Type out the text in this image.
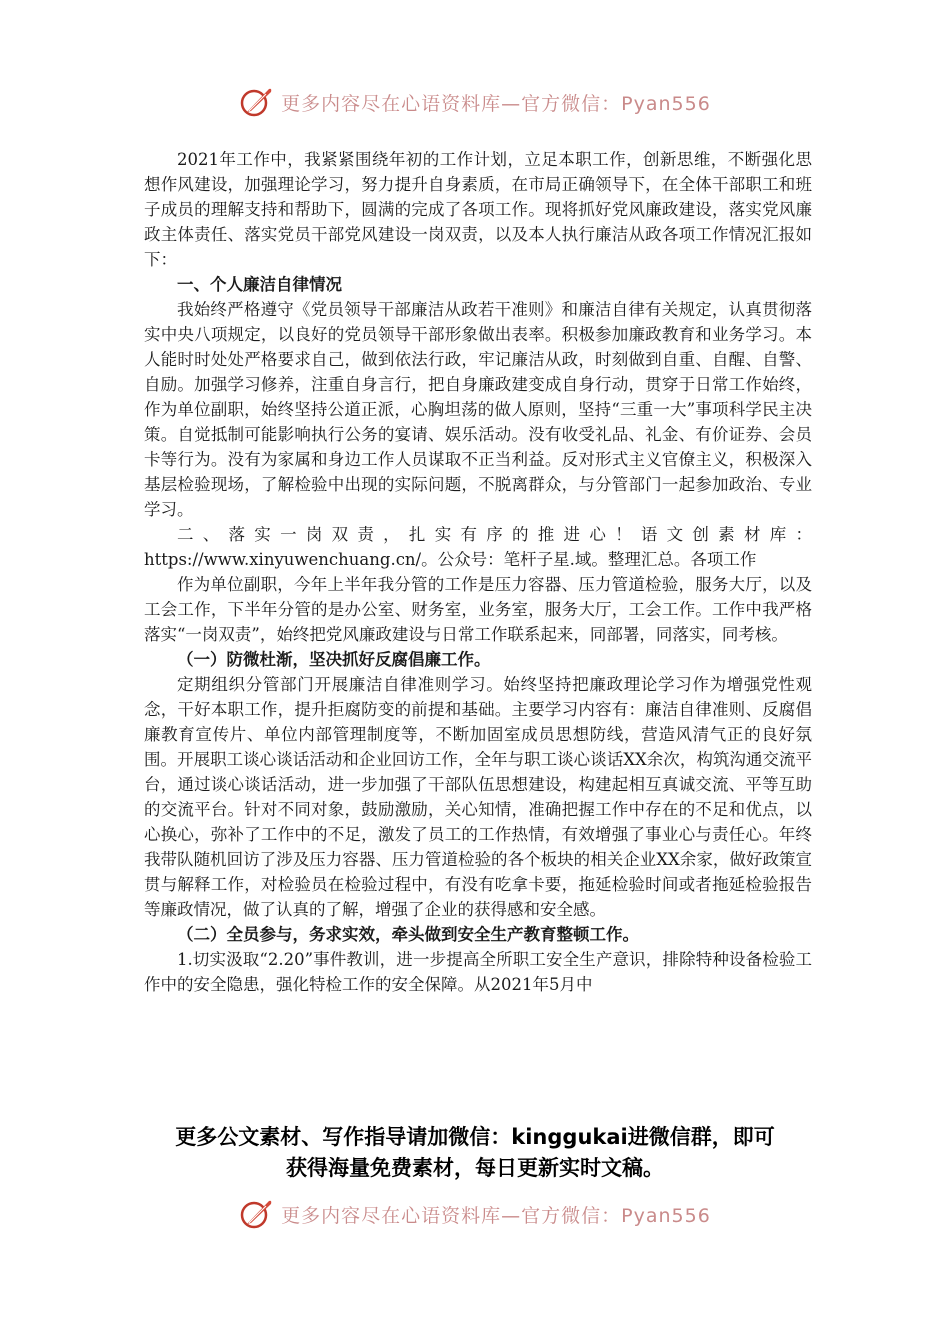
更多内容尽在心语资料库—官方微信：Pyan556

2021年工作中，我紧紧围绕年初的工作计划，立足本职工作，创新思维，不断强化思想作风建设，加强理论学习，努力提升自身素质，在市局正确领导下，在全体干部职工和班子成员的理解支持和帮助下，圆满的完成了各项工作。现将抓好党风廉政建设，落实党风廉政主体责任、落实党员干部党风建设一岗双责，以及本人执行廉洁从政各项工作情况汇报如下：

一、个人廉洁自律情况

我始终严格遵守《党员领导干部廉洁从政若干准则》和廉洁自律有关规定，认真贯彻落实中央八项规定，以良好的党员领导干部形象做出表率。积极参加廉政教育和业务学习。本人能时时处处严格要求自己，做到依法行政，牢记廉洁从政，时刻做到自重、自醒、自警、自励。加强学习修养，注重自身言行，把自身廉政建变成自身行动，贯穿于日常工作始终，作为单位副职，始终坚持公道正派，心胸坦荡的做人原则，坚持“三重一大”事项科学民主决策。自觉抵制可能影响执行公务的宴请、娱乐活动。没有收受礼品、礼金、有价证券、会员卡等行为。没有为家属和身边工作人员谋取不正当利益。反对形式主义官僚主义，积极深入基层检验现场，了解检验中出现的实际问题，不脱离群众，与分管部门一起参加政治、专业学习。

二、落实一岗双责，扎实有序的推进心！语文创素材库：https://www.xinyuwenchuang.cn/。公众号：笔杆子星.域。整理汇总。各项工作

作为单位副职，今年上半年我分管的工作是压力容器、压力管道检验，服务大厅，以及工会工作，下半年分管的是办公室、财务室，业务室，服务大厅，工会工作。工作中我严格落实“一岗双责”，始终把党风廉政建设与日常工作联系起来，同部署，同落实，同考核。

（一）防微杜渐，坚决抓好反腐倡廉工作。

定期组织分管部门开展廉洁自律准则学习。始终坚持把廉政理论学习作为增强党性观念，干好本职工作，提升拒腐防变的前提和基础。主要学习内容有：廉洁自律准则、反腐倡廉教育宣传片、单位内部管理制度等，不断加固室成员思想防线，营造风清气正的良好氛围。开展职工谈心谈话活动和企业回访工作，全年与职工谈心谈话XX余次，构筑沟通交流平台，通过谈心谈话活动，进一步加强了干部队伍思想建设，构建起相互真诚交流、平等互助的交流平台。针对不同对象，鼓励激励，关心知情，准确把握工作中存在的不足和优点，以心换心，弥补了工作中的不足，激发了员工的工作热情，有效增强了事业心与责任心。年终我带队随机回访了涉及压力容器、压力管道检验的各个板块的相关企业XX余家，做好政策宣贯与解释工作，对检验员在检验过程中，有没有吃拿卡要，拖延检验时间或者拖延检验报告等廉政情况，做了认真的了解，增强了企业的获得感和安全感。

（二）全员参与，务求实效，牵头做到安全生产教育整顿工作。

1.切实汲取“2.20”事件教训，进一步提高全所职工安全生产意识，排除特种设备检验工作中的安全隐患，强化特检工作的安全保障。从2021年5月中

更多公文素材、写作指导请加微信：kinggukai进微信群，即可
获得海量免费素材，每日更新实时文稿。
更多内容尽在心语资料库—官方微信：Pyan556
